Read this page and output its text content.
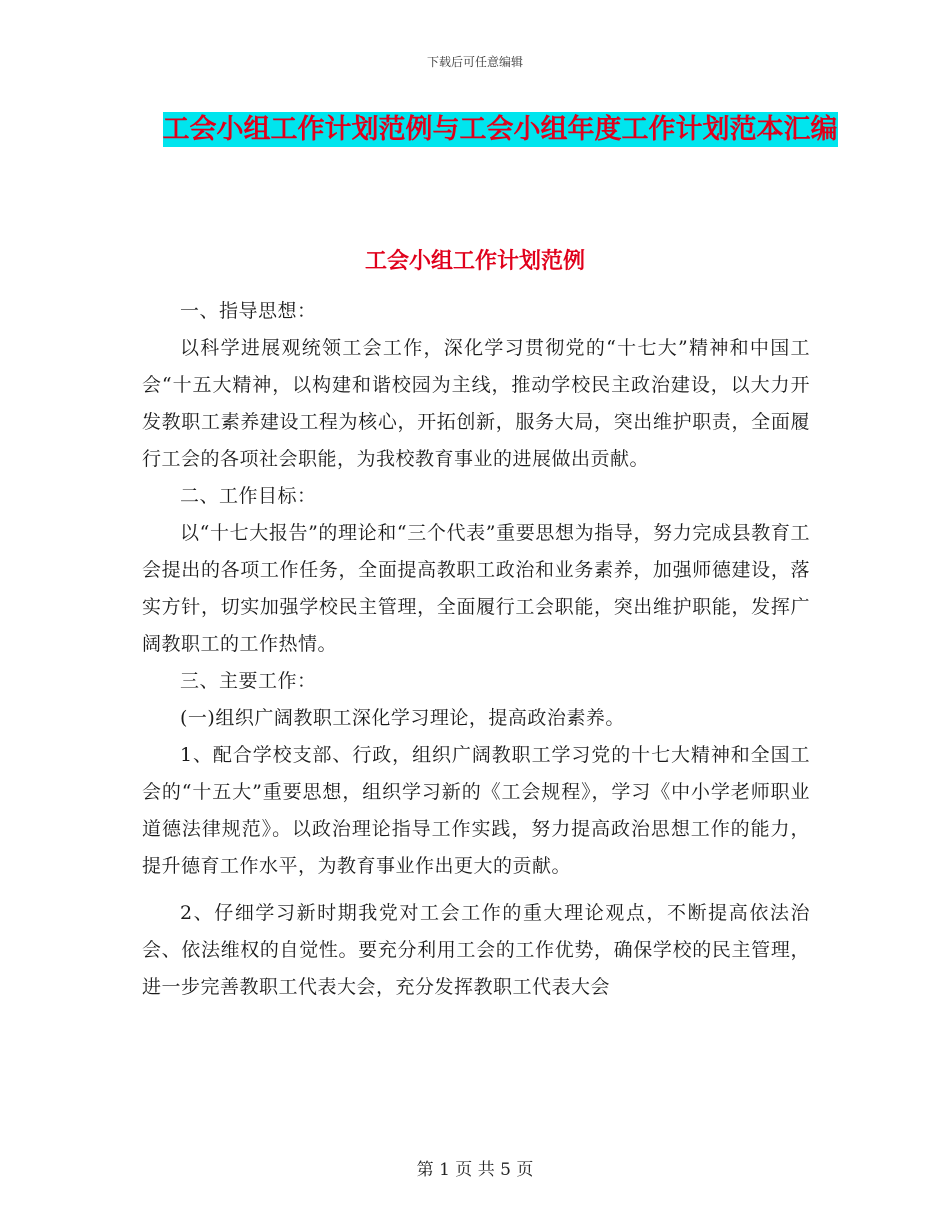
下载后可任意编辑
工会小组工作计划范例与工会小组年度工作计划范本汇编
工会小组工作计划范例

一、指导思想：

以科学进展观统领工会工作，深化学习贯彻党的“十七大”精神和中国工会“十五大精神，以构建和谐校园为主线，推动学校民主政治建设，以大力开发教职工素养建设工程为核心，开拓创新，服务大局，突出维护职责，全面履行工会的各项社会职能，为我校教育事业的进展做出贡献。

二、工作目标：

以“十七大报告”的理论和“三个代表”重要思想为指导，努力完成县教育工会提出的各项工作任务，全面提高教职工政治和业务素养，加强师德建设，落实方针，切实加强学校民主管理，全面履行工会职能，突出维护职能，发挥广阔教职工的工作热情。

三、主要工作：

(一)组织广阔教职工深化学习理论，提高政治素养。

1、配合学校支部、行政，组织广阔教职工学习党的十七大精神和全国工会的“十五大”重要思想，组织学习新的《工会规程》，学习《中小学老师职业道德法律规范》。以政治理论指导工作实践，努力提高政治思想工作的能力，提升德育工作水平，为教育事业作出更大的贡献。

2、仔细学习新时期我党对工会工作的重大理论观点，不断提高依法治会、依法维权的自觉性。要充分利用工会的工作优势，确保学校的民主管理，进一步完善教职工代表大会，充分发挥教职工代表大会

第 1 页 共 5 页
